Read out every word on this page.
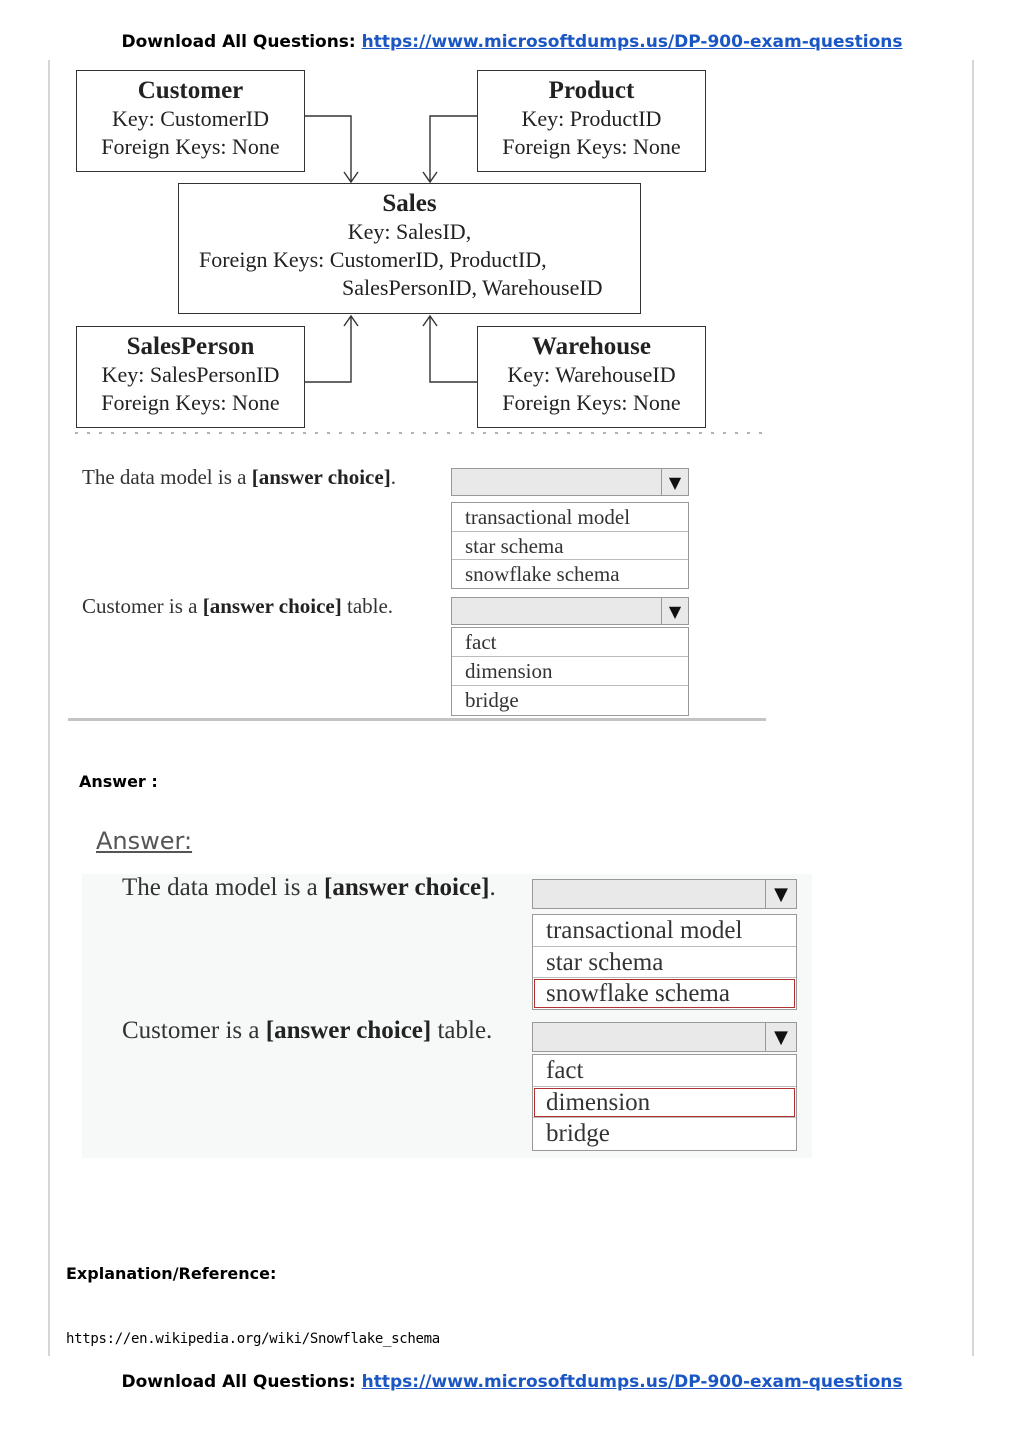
Download All Questions: https://www.microsoftdumps.us/DP-900-exam-questions
Customer
Key: CustomerID
Foreign Keys: None
Product
Key: ProductID
Foreign Keys: None
Sales
Key: SalesID,
Foreign Keys: CustomerID, ProductID,
SalesPersonID, WarehouseID
SalesPerson
Key: SalesPersonID
Foreign Keys: None
Warehouse
Key: WarehouseID
Foreign Keys: None
The data model is a [answer choice].	▼
transactional model
star schema
snowflake schema
Customer is a [answer choice] table.	▼
fact
dimension
bridge
Answer :
Answer:
The data model is a [answer choice].	▼
transactional model
star schema
snowflake schema
Customer is a [answer choice] table.	▼
fact
dimension
bridge
Explanation/Reference:
https://en.wikipedia.org/wiki/Snowflake_schema
Download All Questions: https://www.microsoftdumps.us/DP-900-exam-questions
